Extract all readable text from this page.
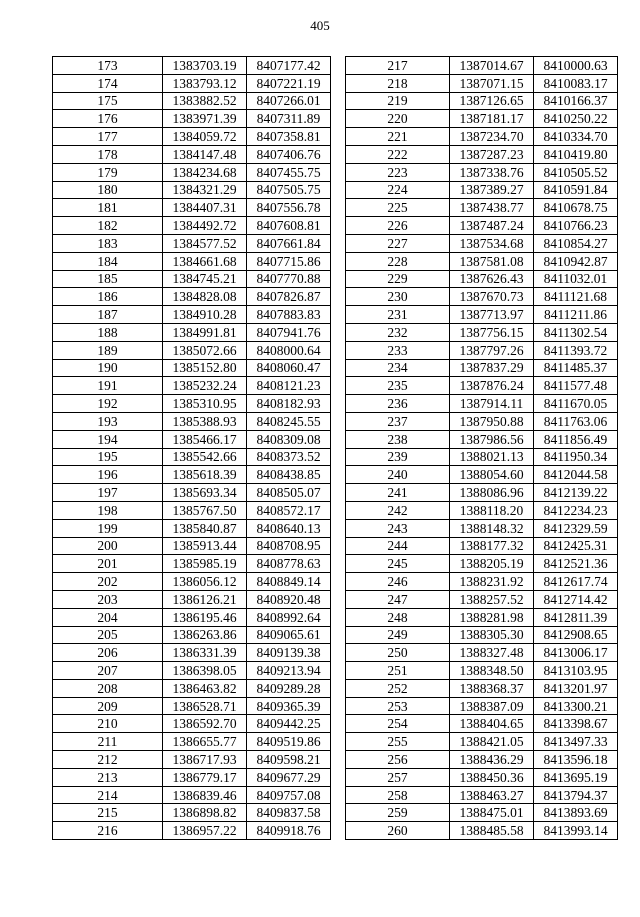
405
173	1383703.19	8407177.42
174	1383793.12	8407221.19
175	1383882.52	8407266.01
176	1383971.39	8407311.89
177	1384059.72	8407358.81
178	1384147.48	8407406.76
179	1384234.68	8407455.75
180	1384321.29	8407505.75
181	1384407.31	8407556.78
182	1384492.72	8407608.81
183	1384577.52	8407661.84
184	1384661.68	8407715.86
185	1384745.21	8407770.88
186	1384828.08	8407826.87
187	1384910.28	8407883.83
188	1384991.81	8407941.76
189	1385072.66	8408000.64
190	1385152.80	8408060.47
191	1385232.24	8408121.23
192	1385310.95	8408182.93
193	1385388.93	8408245.55
194	1385466.17	8408309.08
195	1385542.66	8408373.52
196	1385618.39	8408438.85
197	1385693.34	8408505.07
198	1385767.50	8408572.17
199	1385840.87	8408640.13
200	1385913.44	8408708.95
201	1385985.19	8408778.63
202	1386056.12	8408849.14
203	1386126.21	8408920.48
204	1386195.46	8408992.64
205	1386263.86	8409065.61
206	1386331.39	8409139.38
207	1386398.05	8409213.94
208	1386463.82	8409289.28
209	1386528.71	8409365.39
210	1386592.70	8409442.25
211	1386655.77	8409519.86
212	1386717.93	8409598.21
213	1386779.17	8409677.29
214	1386839.46	8409757.08
215	1386898.82	8409837.58
216	1386957.22	8409918.76
217	1387014.67	8410000.63
218	1387071.15	8410083.17
219	1387126.65	8410166.37
220	1387181.17	8410250.22
221	1387234.70	8410334.70
222	1387287.23	8410419.80
223	1387338.76	8410505.52
224	1387389.27	8410591.84
225	1387438.77	8410678.75
226	1387487.24	8410766.23
227	1387534.68	8410854.27
228	1387581.08	8410942.87
229	1387626.43	8411032.01
230	1387670.73	8411121.68
231	1387713.97	8411211.86
232	1387756.15	8411302.54
233	1387797.26	8411393.72
234	1387837.29	8411485.37
235	1387876.24	8411577.48
236	1387914.11	8411670.05
237	1387950.88	8411763.06
238	1387986.56	8411856.49
239	1388021.13	8411950.34
240	1388054.60	8412044.58
241	1388086.96	8412139.22
242	1388118.20	8412234.23
243	1388148.32	8412329.59
244	1388177.32	8412425.31
245	1388205.19	8412521.36
246	1388231.92	8412617.74
247	1388257.52	8412714.42
248	1388281.98	8412811.39
249	1388305.30	8412908.65
250	1388327.48	8413006.17
251	1388348.50	8413103.95
252	1388368.37	8413201.97
253	1388387.09	8413300.21
254	1388404.65	8413398.67
255	1388421.05	8413497.33
256	1388436.29	8413596.18
257	1388450.36	8413695.19
258	1388463.27	8413794.37
259	1388475.01	8413893.69
260	1388485.58	8413993.14
